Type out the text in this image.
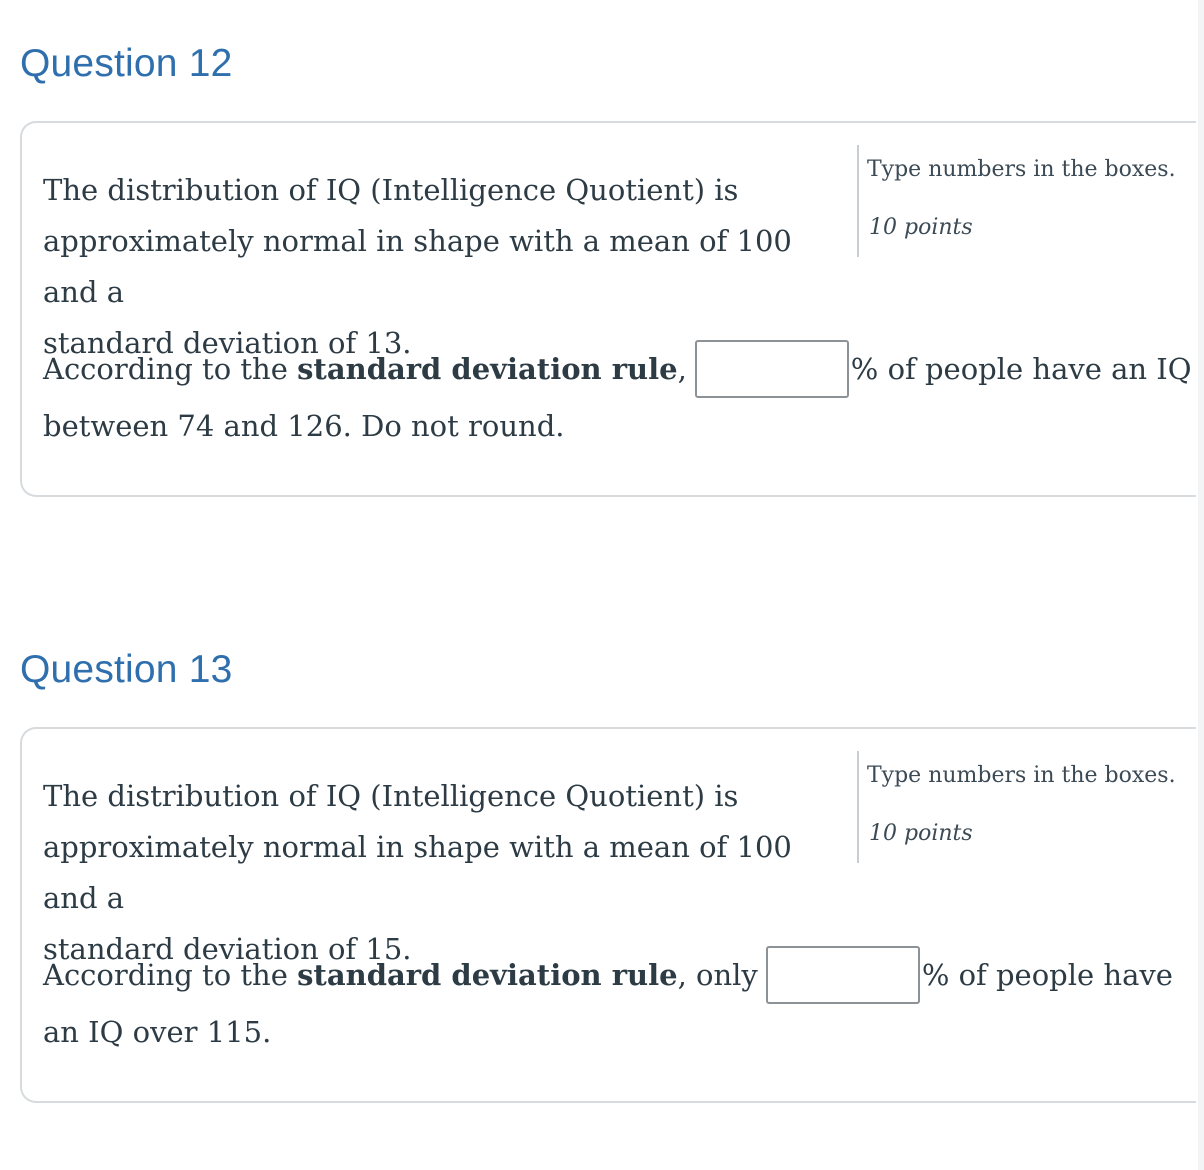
Question 12

The distribution of IQ (Intelligence Quotient) is

approximately normal in shape with a mean of 100 and a

standard deviation of 13.

Type numbers in the boxes.
10 points
According to the standard deviation rule ,	% of people have an IQ
between 74 and 126. Do not round.
Question 13

The distribution of IQ (Intelligence Quotient) is

approximately normal in shape with a mean of 100 and a

standard deviation of 15.

Type numbers in the boxes.
10 points
According to the standard deviation rule , only	% of people have
an IQ over 115.
